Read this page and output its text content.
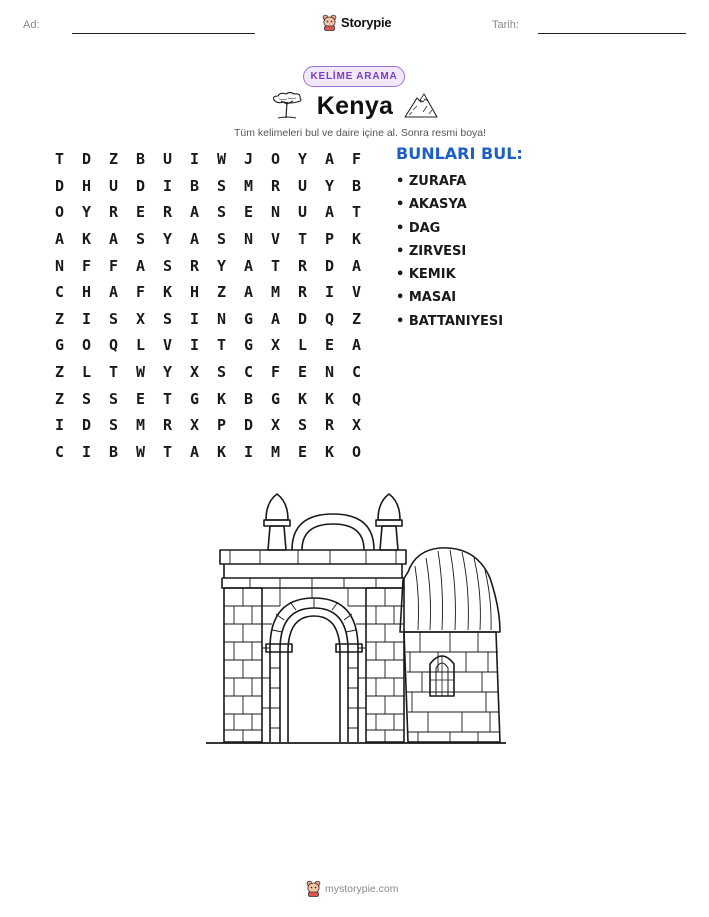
Ad:	Storypie	Tarih:
KELİME ARAMA
Kenya
Tüm kelimeleri bul ve daire içine al. Sonra resmi boya!
T	D	Z	B	U	I	W	J	O	Y	A	F
D	H	U	D	I	B	S	M	R	U	Y	B
O	Y	R	E	R	A	S	E	N	U	A	T
A	K	A	S	Y	A	S	N	V	T	P	K
N	F	F	A	S	R	Y	A	T	R	D	A
C	H	A	F	K	H	Z	A	M	R	I	V
Z	I	S	X	S	I	N	G	A	D	Q	Z
G	O	Q	L	V	I	T	G	X	L	E	A
Z	L	T	W	Y	X	S	C	F	E	N	C
Z	S	S	E	T	G	K	B	G	K	K	Q
I	D	S	M	R	X	P	D	X	S	R	X
C	I	B	W	T	A	K	I	M	E	K	O
BUNLARI BUL:
• ZURAFA
• AKASYA
• DAG
• ZIRVESI
• KEMIK
• MASAI
• BATTANIYESI
mystorypie.com
